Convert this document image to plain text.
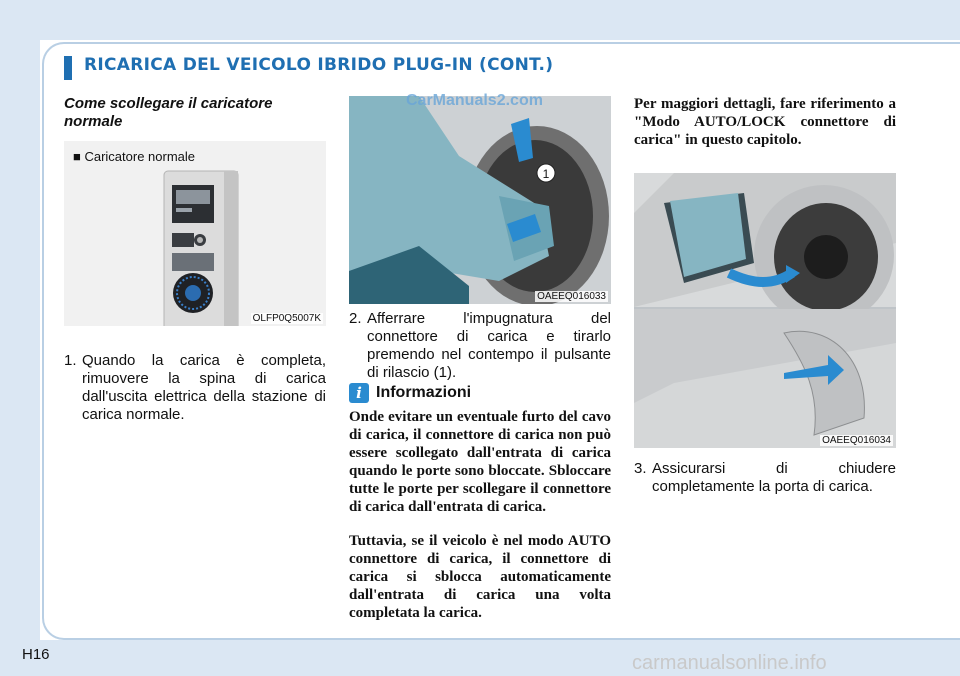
RICARICA DEL VEICOLO IBRIDO PLUG-IN (CONT.)
Come scollegare il caricatore normale
■ Caricatore normale
OLFP0Q5007K
1. Quando la carica è completa, rimuovere la spina di carica dall'uscita elettrica della stazione di carica normale.
1
OAEEQ016033
2. Afferrare l'impugnatura del connettore di carica e tirarlo premendo nel contempo il pulsante di rilascio (1).
i Informazioni
Onde evitare un eventuale furto del cavo di carica, il connettore di carica non può essere scollegato dall'entrata di carica quando le porte sono bloccate. Sbloccare tutte le porte per scollegare il connettore di carica dall'entrata di carica.
Tuttavia, se il veicolo è nel modo AUTO connettore di carica, il connettore di carica si sblocca automaticamente dall'entrata di carica una volta completata la carica.
Per maggiori dettagli, fare riferimento a "Modo AUTO/LOCK connettore di carica" in questo capitolo.
OAEEQ016034
3. Assicurarsi di chiudere completamente la porta di carica.
CarManuals2.com
H16	carmanualsonline.info
